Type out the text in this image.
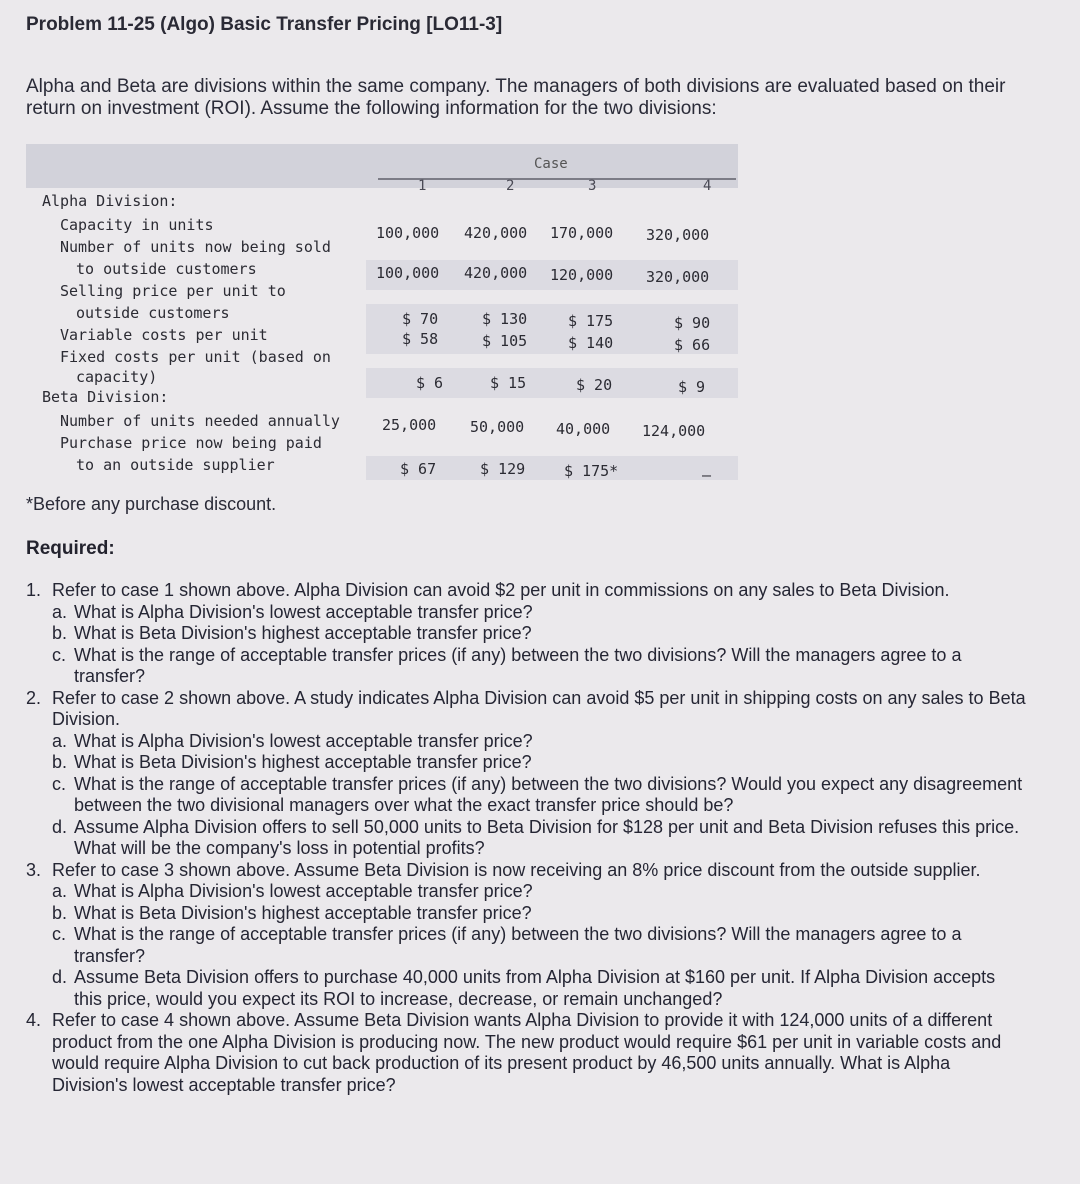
Problem 11-25 (Algo) Basic Transfer Pricing [LO11-3]
Alpha and Beta are divisions within the same company. The managers of both divisions are evaluated based on their return on investment (ROI). Assume the following information for the two divisions:
Case
1	2	3	4
Alpha Division:
Capacity in units	100,000 420,000 170,000 320,000
Number of units now being sold
to outside customers	100,000 420,000 120,000 320,000
Selling price per unit to
outside customers	$ 70	$ 130	$ 175	$ 90
Variable costs per unit	$ 58	$ 105	$ 140	$ 66
Fixed costs per unit (based on
capacity)	$ 6	$ 15	$ 20	$ 9
Beta Division:
Number of units needed annually	25,000 50,000 40,000 124,000
Purchase price now being paid
to an outside supplier	$ 67	$ 129	$ 175*	–
*Before any purchase discount.
Required:

1. Refer to case 1 shown above. Alpha Division can avoid $2 per unit in commissions on any sales to Beta Division.

a. What is Alpha Division's lowest acceptable transfer price?

b. What is Beta Division's highest acceptable transfer price?

c. What is the range of acceptable transfer prices (if any) between the two divisions? Will the managers agree to a transfer?

2. Refer to case 2 shown above. A study indicates Alpha Division can avoid $5 per unit in shipping costs on any sales to Beta Division.

a. What is Alpha Division's lowest acceptable transfer price?

b. What is Beta Division's highest acceptable transfer price?

c. What is the range of acceptable transfer prices (if any) between the two divisions? Would you expect any disagreement between the two divisional managers over what the exact transfer price should be?

d. Assume Alpha Division offers to sell 50,000 units to Beta Division for $128 per unit and Beta Division refuses this price. What will be the company's loss in potential profits?

3. Refer to case 3 shown above. Assume Beta Division is now receiving an 8% price discount from the outside supplier.

a. What is Alpha Division's lowest acceptable transfer price?

b. What is Beta Division's highest acceptable transfer price?

c. What is the range of acceptable transfer prices (if any) between the two divisions? Will the managers agree to a transfer?

d. Assume Beta Division offers to purchase 40,000 units from Alpha Division at $160 per unit. If Alpha Division accepts this price, would you expect its ROI to increase, decrease, or remain unchanged?

4. Refer to case 4 shown above. Assume Beta Division wants Alpha Division to provide it with 124,000 units of a different product from the one Alpha Division is producing now. The new product would require $61 per unit in variable costs and would require Alpha Division to cut back production of its present product by 46,500 units annually. What is Alpha Division's lowest acceptable transfer price?
